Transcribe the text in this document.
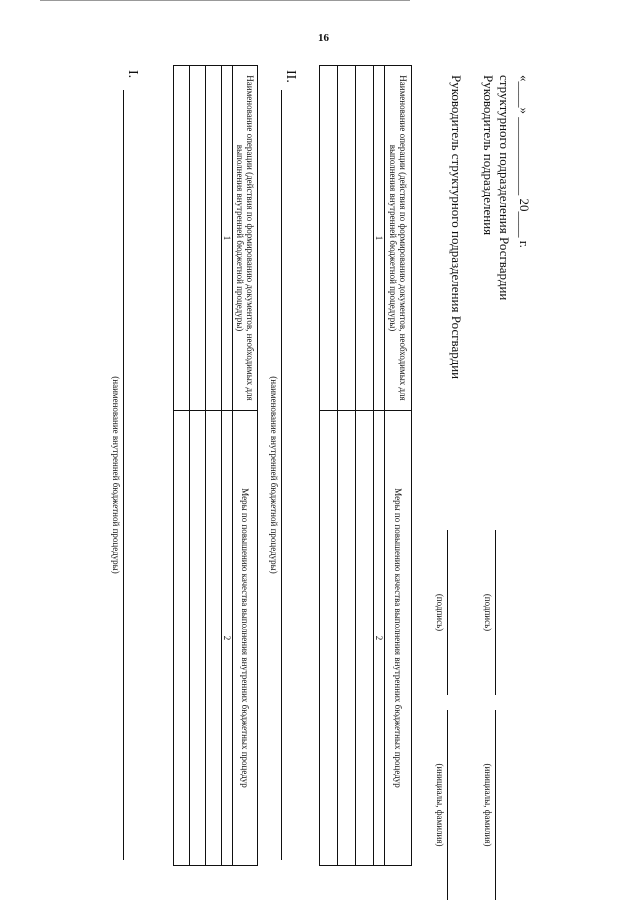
16
I.
(наименование внутренней бюджетной процедуры)
Наименование операции (действия по формированию документов, необходимых для выполнения внутренней бюджетной процедуры)	Меры по повышению качества выполнения внутренних бюджетных процедур
1	2

II.
(наименование внутренней бюджетной процедуры)
Наименование операции (действия по формированию документов, необходимых для выполнения внутренней бюджетной процедуры)	Меры по повышению качества выполнения внутренних бюджетных процедур
1	2

Руководитель структурного подразделения Росгвардии
(подпись)
(инициалы, фамилия)
Руководитель подразделения структурного подразделения Росгвардии
(подпись)
(инициалы, фамилия)
«____» ____________ 20____ г.
